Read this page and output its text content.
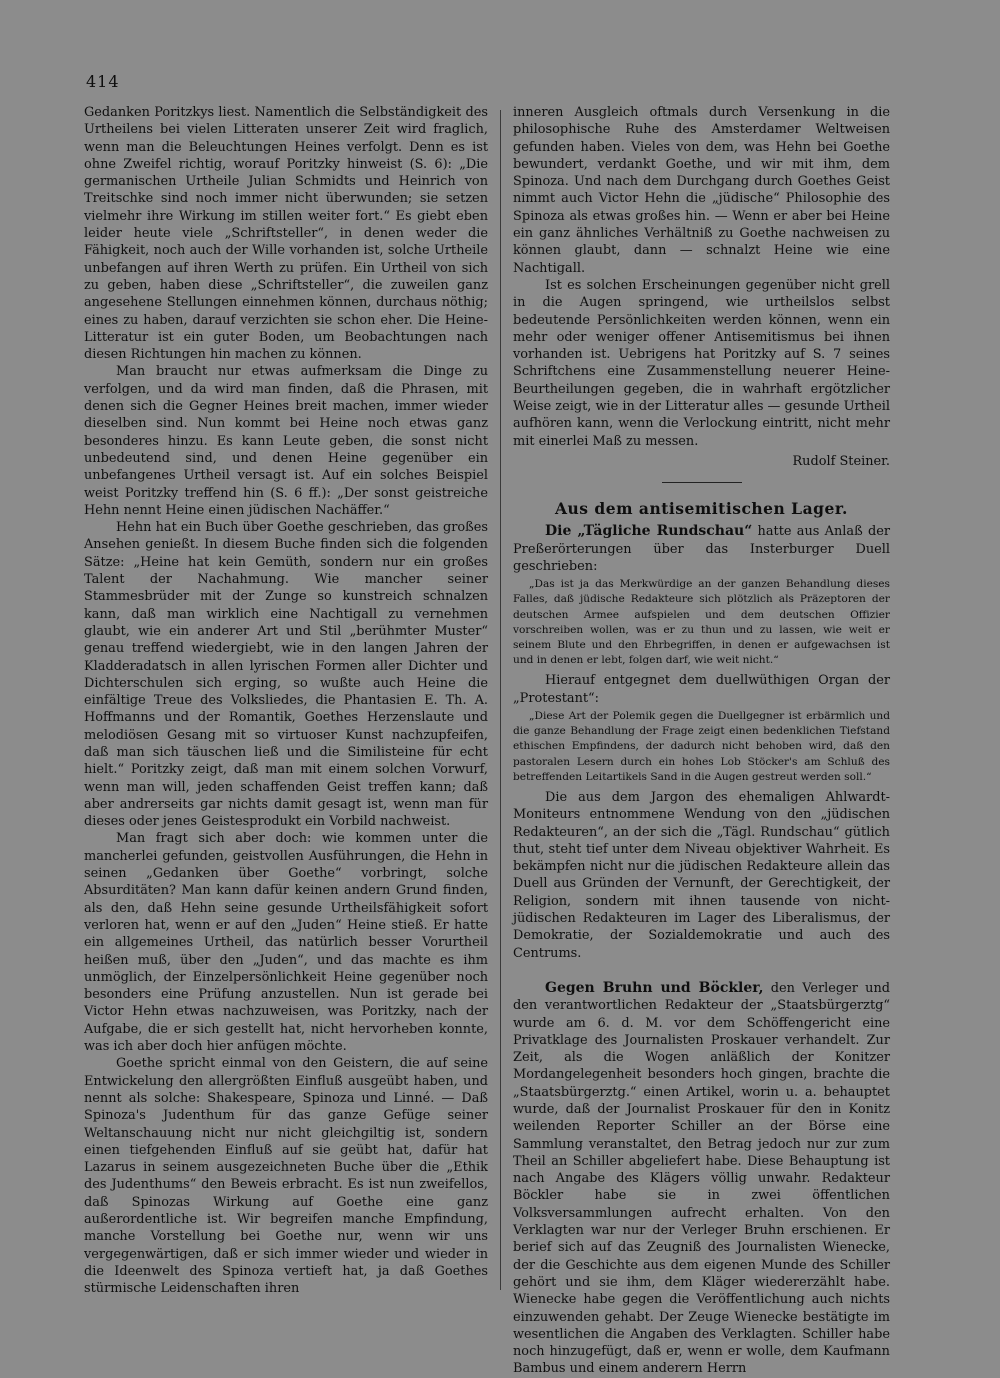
414

Gedanken Poritzkys liest. Namentlich die Selbständigkeit des Urtheilens bei vielen Litteraten unserer Zeit wird fraglich, wenn man die Beleuchtungen Heines verfolgt. Denn es ist ohne Zweifel richtig, worauf Poritzky hinweist (S. 6): „Die germanischen Urtheile Julian Schmidts und Heinrich von Treitschke sind noch immer nicht überwunden; sie setzen vielmehr ihre Wirkung im stillen weiter fort.“ Es giebt eben leider heute viele „Schriftsteller“, in denen weder die Fähigkeit, noch auch der Wille vorhanden ist, solche Urtheile unbefangen auf ihren Werth zu prüfen. Ein Urtheil von sich zu geben, haben diese „Schriftsteller“, die zuweilen ganz angesehene Stellungen einnehmen können, durchaus nöthig; eines zu haben, darauf verzichten sie schon eher. Die Heine-Litteratur ist ein guter Boden, um Beobachtungen nach diesen Richtungen hin machen zu können.

Man braucht nur etwas aufmerksam die Dinge zu verfolgen, und da wird man finden, daß die Phrasen, mit denen sich die Gegner Heines breit machen, immer wieder dieselben sind. Nun kommt bei Heine noch etwas ganz besonderes hinzu. Es kann Leute geben, die sonst nicht unbedeutend sind, und denen Heine gegenüber ein unbefangenes Urtheil versagt ist. Auf ein solches Beispiel weist Poritzky treffend hin (S. 6 ff.): „Der sonst geistreiche Hehn nennt Heine einen jüdischen Nachäffer.“

Hehn hat ein Buch über Goethe geschrieben, das großes Ansehen genießt. In diesem Buche finden sich die folgenden Sätze: „Heine hat kein Gemüth, sondern nur ein großes Talent der Nachahmung. Wie mancher seiner Stammesbrüder mit der Zunge so kunstreich schnalzen kann, daß man wirklich eine Nachtigall zu vernehmen glaubt, wie ein anderer Art und Stil „berühmter Muster“ genau treffend wiedergiebt, wie in den langen Jahren der Kladderadatsch in allen lyrischen Formen aller Dichter und Dichterschulen sich erging, so wußte auch Heine die einfältige Treue des Volksliedes, die Phantasien E. Th. A. Hoffmanns und der Romantik, Goethes Herzenslaute und melodiösen Gesang mit so virtuoser Kunst nachzupfeifen, daß man sich täuschen ließ und die Similisteine für echt hielt.“ Poritzky zeigt, daß man mit einem solchen Vorwurf, wenn man will, jeden schaffenden Geist treffen kann; daß aber andrerseits gar nichts damit gesagt ist, wenn man für dieses oder jenes Geistesprodukt ein Vorbild nachweist.

Man fragt sich aber doch: wie kommen unter die mancherlei gefunden, geistvollen Ausführungen, die Hehn in seinen „Gedanken über Goethe“ vorbringt, solche Absurditäten? Man kann dafür keinen andern Grund finden, als den, daß Hehn seine gesunde Urtheilsfähigkeit sofort verloren hat, wenn er auf den „Juden“ Heine stieß. Er hatte ein allgemeines Urtheil, das natürlich besser Vorurtheil heißen muß, über den „Juden“, und das machte es ihm unmöglich, der Einzelpersönlichkeit Heine gegenüber noch besonders eine Prüfung anzustellen. Nun ist gerade bei Victor Hehn etwas nachzuweisen, was Poritzky, nach der Aufgabe, die er sich gestellt hat, nicht hervorheben konnte, was ich aber doch hier anfügen möchte.

Goethe spricht einmal von den Geistern, die auf seine Entwickelung den allergrößten Einfluß ausgeübt haben, und nennt als solche: Shakespeare, Spinoza und Linné. — Daß Spinoza's Judenthum für das ganze Gefüge seiner Weltanschauung nicht nur nicht gleichgiltig ist, sondern einen tiefgehenden Einfluß auf sie geübt hat, dafür hat Lazarus in seinem ausgezeichneten Buche über die „Ethik des Judenthums“ den Beweis erbracht. Es ist nun zweifellos, daß Spinozas Wirkung auf Goethe eine ganz außerordentliche ist. Wir begreifen manche Empfindung, manche Vorstellung bei Goethe nur, wenn wir uns vergegenwärtigen, daß er sich immer wieder und wieder in die Ideenwelt des Spinoza vertieft hat, ja daß Goethes stürmische Leidenschaften ihren

inneren Ausgleich oftmals durch Versenkung in die philosophische Ruhe des Amsterdamer Weltweisen gefunden haben. Vieles von dem, was Hehn bei Goethe bewundert, verdankt Goethe, und wir mit ihm, dem Spinoza. Und nach dem Durchgang durch Goethes Geist nimmt auch Victor Hehn die „jüdische“ Philosophie des Spinoza als etwas großes hin. — Wenn er aber bei Heine ein ganz ähnliches Verhältniß zu Goethe nachweisen zu können glaubt, dann — schnalzt Heine wie eine Nachtigall.

Ist es solchen Erscheinungen gegenüber nicht grell in die Augen springend, wie urtheilslos selbst bedeutende Persönlichkeiten werden können, wenn ein mehr oder weniger offener Antisemitismus bei ihnen vorhanden ist. Uebrigens hat Poritzky auf S. 7 seines Schriftchens eine Zusammenstellung neuerer Heine-Beurtheilungen gegeben, die in wahrhaft ergötzlicher Weise zeigt, wie in der Litteratur alles — gesunde Urtheil aufhören kann, wenn die Verlockung eintritt, nicht mehr mit einerlei Maß zu messen.

Rudolf Steiner.

Aus dem antisemitischen Lager.

Die „Tägliche Rundschau“ hatte aus Anlaß der Preßerörterungen über das Insterburger Duell geschrieben:

„Das ist ja das Merkwürdige an der ganzen Behandlung dieses Falles, daß jüdische Redakteure sich plötzlich als Präzeptoren der deutschen Armee aufspielen und dem deutschen Offizier vorschreiben wollen, was er zu thun und zu lassen, wie weit er seinem Blute und den Ehrbegriffen, in denen er aufgewachsen ist und in denen er lebt, folgen darf, wie weit nicht.“

Hierauf entgegnet dem duellwüthigen Organ der „Protestant“:

„Diese Art der Polemik gegen die Duellgegner ist erbärmlich und die ganze Behandlung der Frage zeigt einen bedenklichen Tiefstand ethischen Empfindens, der dadurch nicht behoben wird, daß den pastoralen Lesern durch ein hohes Lob Stöcker's am Schluß des betreffenden Leitartikels Sand in die Augen gestreut werden soll.“

Die aus dem Jargon des ehemaligen Ahlwardt-Moniteurs entnommene Wendung von den „jüdischen Redakteuren“, an der sich die „Tägl. Rundschau“ gütlich thut, steht tief unter dem Niveau objektiver Wahrheit. Es bekämpfen nicht nur die jüdischen Redakteure allein das Duell aus Gründen der Vernunft, der Gerechtigkeit, der Religion, sondern mit ihnen tausende von nicht-jüdischen Redakteuren im Lager des Liberalismus, der Demokratie, der Sozialdemokratie und auch des Centrums.

Gegen Bruhn und Böckler, den Verleger und den verantwortlichen Redakteur der „Staatsbürgerztg“ wurde am 6. d. M. vor dem Schöffengericht eine Privatklage des Journalisten Proskauer verhandelt. Zur Zeit, als die Wogen anläßlich der Konitzer Mordangelegenheit besonders hoch gingen, brachte die „Staatsbürgerztg.“ einen Artikel, worin u. a. behauptet wurde, daß der Journalist Proskauer für den in Konitz weilenden Reporter Schiller an der Börse eine Sammlung veranstaltet, den Betrag jedoch nur zur zum Theil an Schiller abgeliefert habe. Diese Behauptung ist nach Angabe des Klägers völlig unwahr. Redakteur Böckler habe sie in zwei öffentlichen Volksversammlungen aufrecht erhalten. Von den Verklagten war nur der Verleger Bruhn erschienen. Er berief sich auf das Zeugniß des Journalisten Wienecke, der die Geschichte aus dem eigenen Munde des Schiller gehört und sie ihm, dem Kläger wiedererzählt habe. Wienecke habe gegen die Veröffentlichung auch nichts einzuwenden gehabt. Der Zeuge Wienecke bestätigte im wesentlichen die Angaben des Verklagten. Schiller habe noch hinzugefügt, daß er, wenn er wolle, dem Kaufmann Bambus und einem anderern Herrn
